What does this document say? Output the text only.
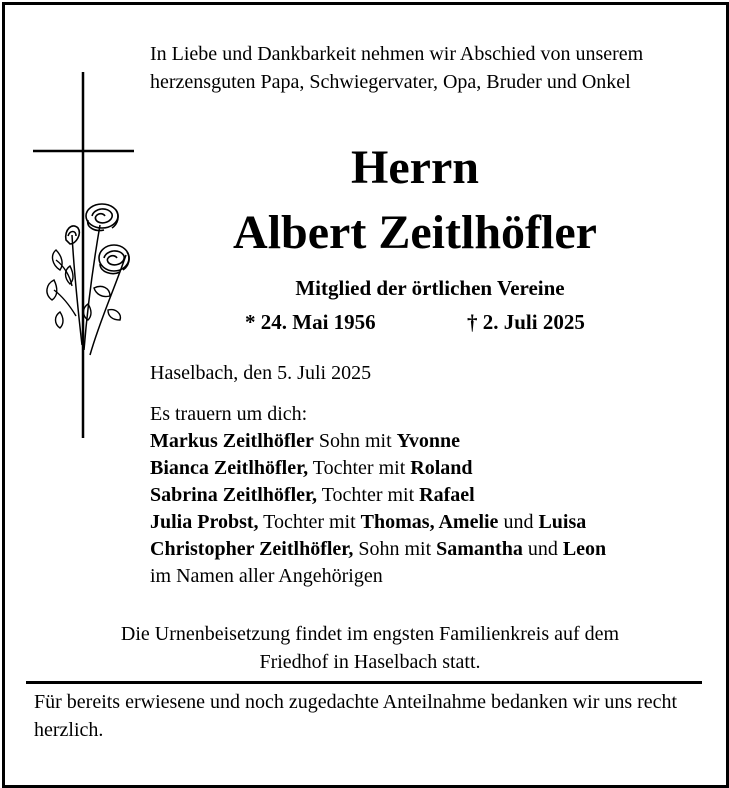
In Liebe und Dankbarkeit nehmen wir Abschied von unserem herzensguten Papa, Schwiegervater, Opa, Bruder und Onkel
Herrn
Albert Zeitlhöfler
Mitglied der örtlichen Vereine
* 24. Mai 1956	† 2. Juli 2025
Haselbach, den 5. Juli 2025
Es trauern um dich:
Markus Zeitlhöfler Sohn mit Yvonne
Bianca Zeitlhöfler, Tochter mit Roland
Sabrina Zeitlhöfler, Tochter mit Rafael
Julia Probst, Tochter mit Thomas, Amelie und Luisa
Christopher Zeitlhöfler, Sohn mit Samantha und Leon
im Namen aller Angehörigen
Die Urnenbeisetzung findet im engsten Familienkreis auf dem
Friedhof in Haselbach statt.
Für bereits erwiesene und noch zugedachte Anteilnahme bedanken wir uns recht herzlich.
